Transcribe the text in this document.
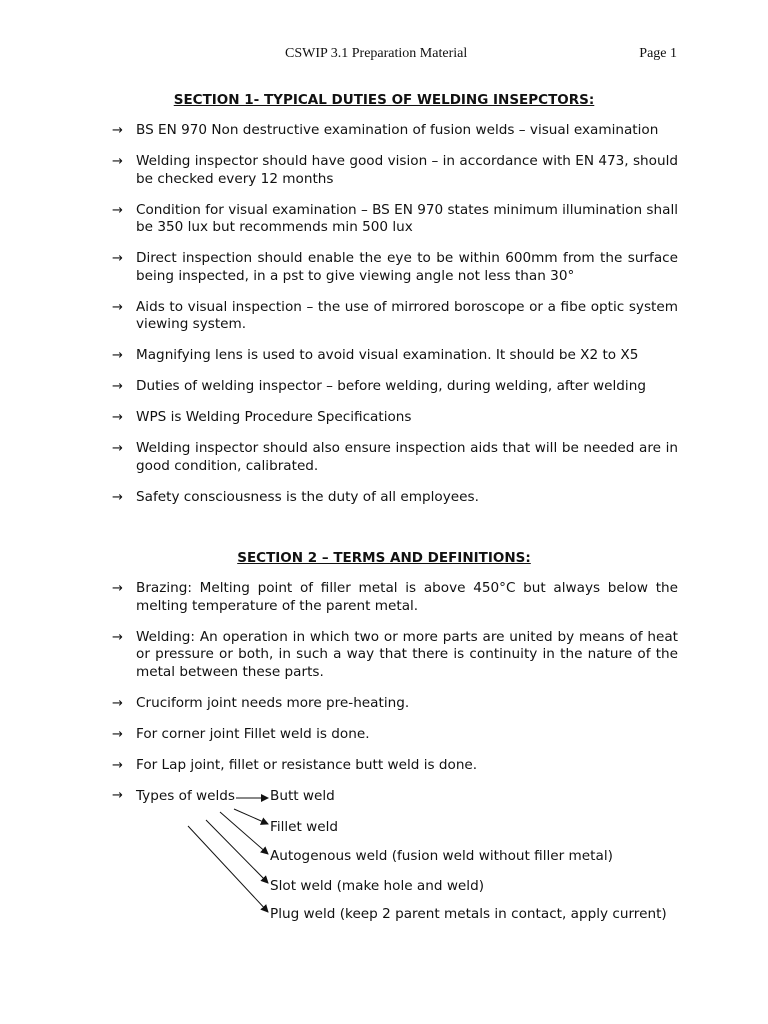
CSWIP 3.1 Preparation Material	Page 1
SECTION 1- TYPICAL DUTIES OF WELDING INSEPCTORS:
→ BS EN 970 Non destructive examination of fusion welds – visual examination
→ Welding inspector should have good vision – in accordance with EN 473, should be checked every 12 months
→ Condition for visual examination – BS EN 970 states minimum illumination shall be 350 lux but recommends min 500 lux
→ Direct inspection should enable the eye to be within 600mm from the surface being inspected, in a pst to give viewing angle not less than 30°
→ Aids to visual inspection – the use of mirrored boroscope or a fibe optic system viewing system.
→ Magnifying lens is used to avoid visual examination. It should be X2 to X5
→ Duties of welding inspector – before welding, during welding, after welding
→ WPS is Welding Procedure Specifications
→ Welding inspector should also ensure inspection aids that will be needed are in good condition, calibrated.
→ Safety consciousness is the duty of all employees.
SECTION 2 – TERMS AND DEFINITIONS:
→ Brazing: Melting point of filler metal is above 450°C but always below the melting temperature of the parent metal.
→ Welding: An operation in which two or more parts are united by means of heat or pressure or both, in such a way that there is continuity in the nature of the metal between these parts.
→ Cruciform joint needs more pre-heating.
→ For corner joint Fillet weld is done.
→ For Lap joint, fillet or resistance butt weld is done.
→ Types of welds	Butt weld
Fillet weld
Autogenous weld (fusion weld without filler metal)
Slot weld (make hole and weld)
Plug weld (keep 2 parent metals in contact, apply current)
